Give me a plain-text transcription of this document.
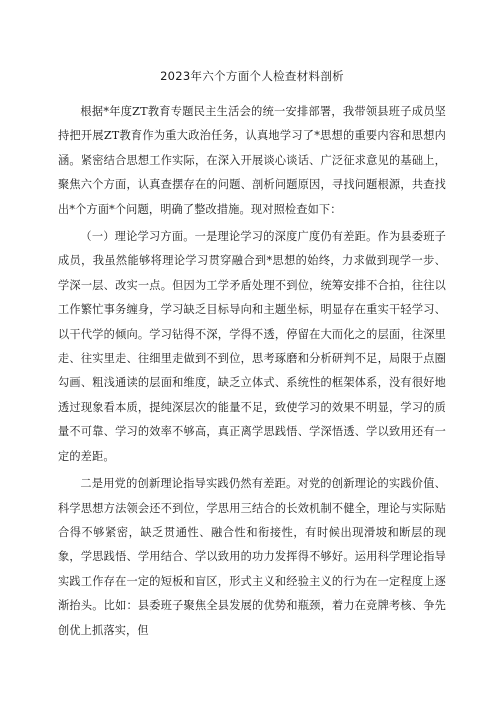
2023年六个方面个人检查材料剖析

根据*年度ZT教育专题民主生活会的统一安排部署，我带领县班子成员坚持把开展ZT教育作为重大政治任务，认真地学习了*思想的重要内容和思想内涵。紧密结合思想工作实际，在深入开展谈心谈话、广泛征求意见的基础上，聚焦六个方面，认真查摆存在的问题、剖析问题原因，寻找问题根源，共查找出*个方面*个问题，明确了整改措施。现对照检查如下：

（一）理论学习方面。一是理论学习的深度广度仍有差距。作为县委班子成员，我虽然能够将理论学习贯穿融合到*思想的始终，力求做到现学一步、学深一层、改实一点。但因为工学矛盾处理不到位，统筹安排不合拍，往往以工作繁忙事务缠身，学习缺乏目标导向和主题坐标，明显存在重实干轻学习、以干代学的倾向。学习钻得不深，学得不透，停留在大而化之的层面，往深里走、往实里走、往细里走做到不到位，思考琢磨和分析研判不足，局限于点圈勾画、粗浅通读的层面和维度，缺乏立体式、系统性的框架体系，没有很好地透过现象看本质，提纯深层次的能量不足，致使学习的效果不明显，学习的质量不可靠、学习的效率不够高，真正离学思践悟、学深悟透、学以致用还有一定的差距。

二是用党的创新理论指导实践仍然有差距。对党的创新理论的实践价值、科学思想方法领会还不到位，学思用三结合的长效机制不健全，理论与实际贴合得不够紧密，缺乏贯通性、融合性和衔接性，有时候出现滑坡和断层的现象，学思践悟、学用结合、学以致用的功力发挥得不够好。运用科学理论指导实践工作存在一定的短板和盲区，形式主义和经验主义的行为在一定程度上逐渐抬头。比如：县委班子聚焦全县发展的优势和瓶颈，着力在竞牌考核、争先创优上抓落实，但
